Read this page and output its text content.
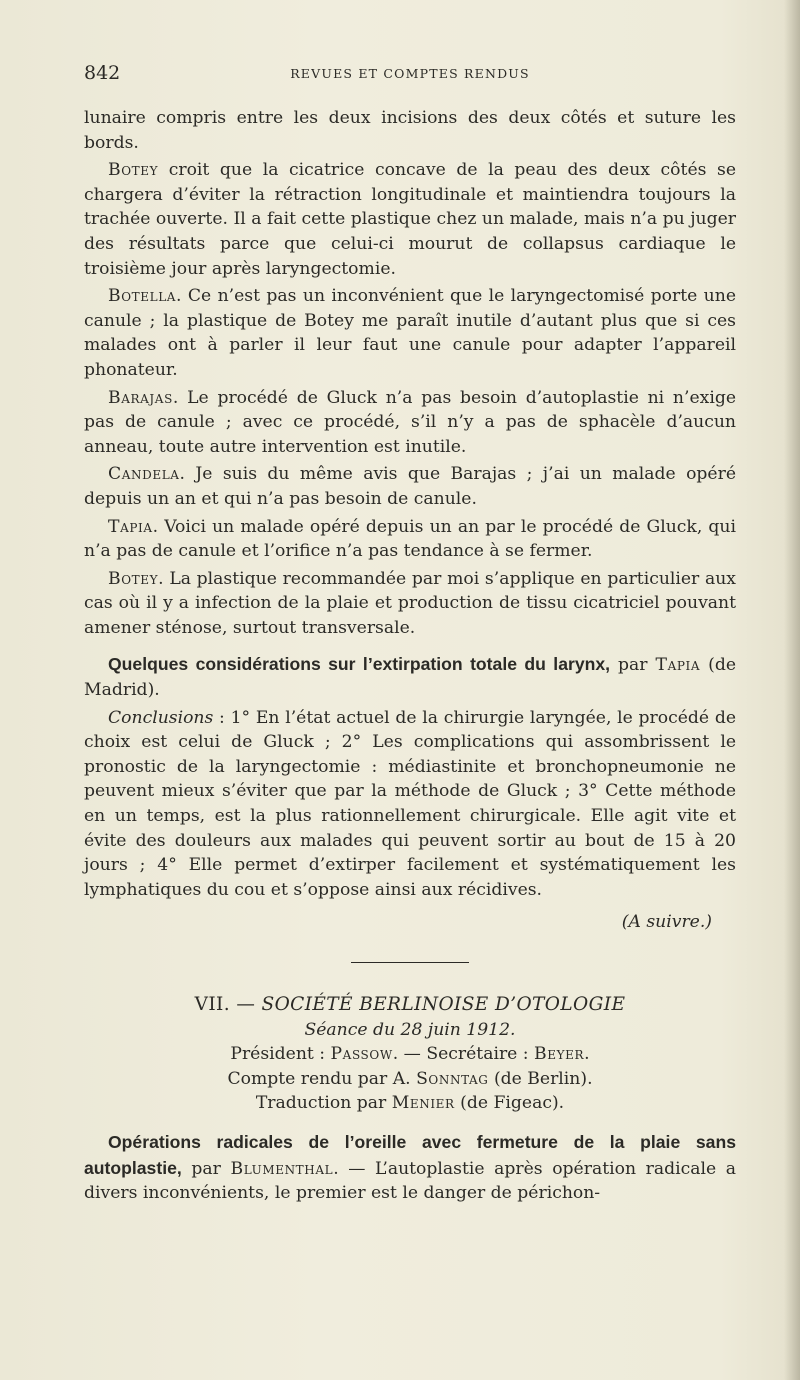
842	REVUES ET COMPTES RENDUS

lunaire compris entre les deux incisions des deux côtés et suture les bords.

Botey croit que la cicatrice concave de la peau des deux côtés se chargera d’éviter la rétraction longitudinale et maintiendra toujours la trachée ouverte. Il a fait cette plastique chez un malade, mais n’a pu juger des résultats parce que celui-ci mourut de collapsus cardiaque le troisième jour après laryngectomie.

Botella. Ce n’est pas un inconvénient que le laryngectomisé porte une canule ; la plastique de Botey me paraît inutile d’autant plus que si ces malades ont à parler il leur faut une canule pour adapter l’appareil phonateur.

Barajas. Le procédé de Gluck n’a pas besoin d’autoplastie ni n’exige pas de canule ; avec ce procédé, s’il n’y a pas de sphacèle d’aucun anneau, toute autre intervention est inutile.

Candela. Je suis du même avis que Barajas ; j’ai un malade opéré depuis un an et qui n’a pas besoin de canule.

Tapia. Voici un malade opéré depuis un an par le procédé de Gluck, qui n’a pas de canule et l’orifice n’a pas tendance à se fermer.

Botey. La plastique recommandée par moi s’applique en particulier aux cas où il y a infection de la plaie et production de tissu cicatriciel pouvant amener sténose, surtout transversale.

Quelques considérations sur l’extirpation totale du larynx, par Tapia (de Madrid).

Conclusions : 1° En l’état actuel de la chirurgie laryngée, le procédé de choix est celui de Gluck ; 2° Les complications qui assombrissent le pronostic de la laryngectomie : médiastinite et bronchopneumonie ne peuvent mieux s’éviter que par la méthode de Gluck ; 3° Cette méthode en un temps, est la plus rationnellement chirurgicale. Elle agit vite et évite des douleurs aux malades qui peuvent sortir au bout de 15 à 20 jours ; 4° Elle permet d’extirper facilement et systématiquement les lymphatiques du cou et s’oppose ainsi aux récidives.

(A suivre.)

VII. — SOCIÉTÉ BERLINOISE D’OTOLOGIE

Séance du 28 juin 1912.

Président : Passow. — Secrétaire : Beyer.

Compte rendu par A. Sonntag (de Berlin).

Traduction par Menier (de Figeac).

Opérations radicales de l’oreille avec fermeture de la plaie sans autoplastie, par Blumenthal. — L’autoplastie après opération radicale a divers inconvénients, le premier est le danger de périchon-
